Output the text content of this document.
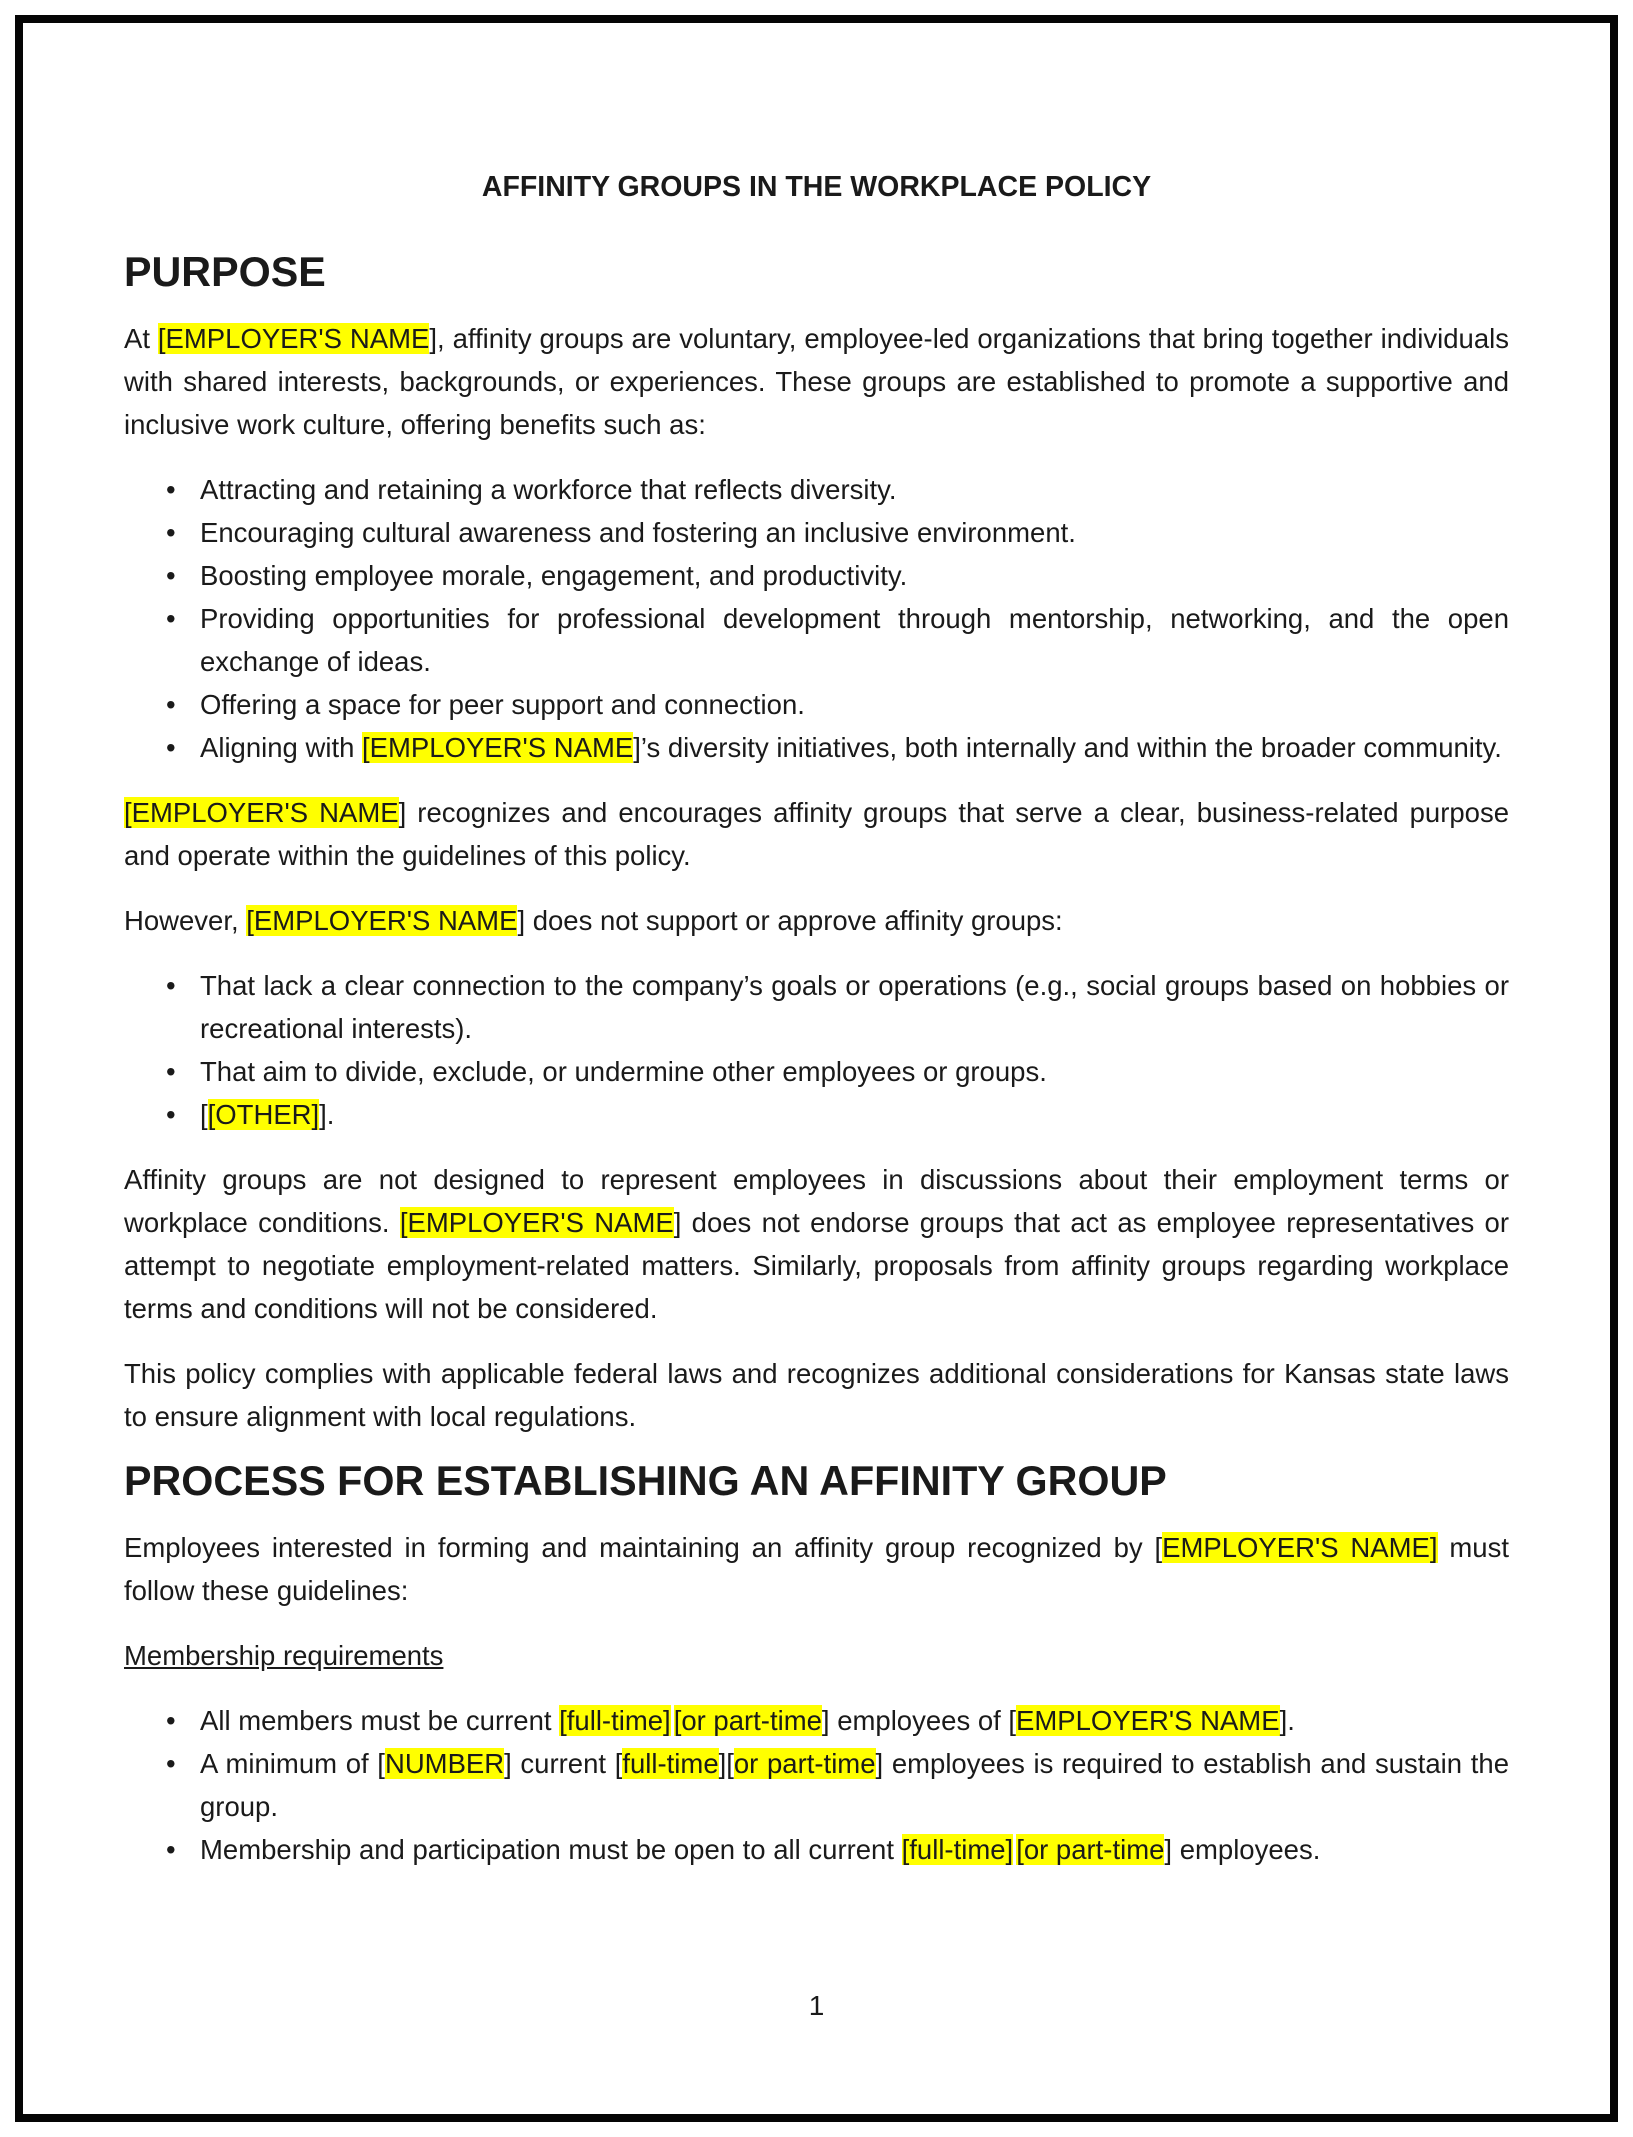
AFFINITY GROUPS IN THE WORKPLACE POLICY
PURPOSE

At [EMPLOYER'S NAME], affinity groups are voluntary, employee-led organizations that bring together individuals with shared interests, backgrounds, or experiences. These groups are established to promote a supportive and inclusive work culture, offering benefits such as:

• Attracting and retaining a workforce that reflects diversity.
• Encouraging cultural awareness and fostering an inclusive environment.
• Boosting employee morale, engagement, and productivity.
• Providing opportunities for professional development through mentorship, networking, and the open exchange of ideas.
• Offering a space for peer support and connection.
• Aligning with [EMPLOYER'S NAME]’s diversity initiatives, both internally and within the broader community.

[EMPLOYER'S NAME] recognizes and encourages affinity groups that serve a clear, business-related purpose and operate within the guidelines of this policy.

However, [EMPLOYER'S NAME] does not support or approve affinity groups:

• That lack a clear connection to the company’s goals or operations (e.g., social groups based on hobbies or recreational interests).
• That aim to divide, exclude, or undermine other employees or groups.
• [[OTHER]].

Affinity groups are not designed to represent employees in discussions about their employment terms or workplace conditions. [EMPLOYER'S NAME] does not endorse groups that act as employee representatives or attempt to negotiate employment-related matters. Similarly, proposals from affinity groups regarding workplace terms and conditions will not be considered.

This policy complies with applicable federal laws and recognizes additional considerations for Kansas state laws to ensure alignment with local regulations.

PROCESS FOR ESTABLISHING AN AFFINITY GROUP

Employees interested in forming and maintaining an affinity group recognized by [EMPLOYER'S NAME] must follow these guidelines:

Membership requirements

• All members must be current [full-time] [or part-time] employees of [EMPLOYER'S NAME].
• A minimum of [NUMBER] current [full-time][or part-time] employees is required to establish and sustain the group.
• Membership and participation must be open to all current [full-time] [or part-time] employees.
1
